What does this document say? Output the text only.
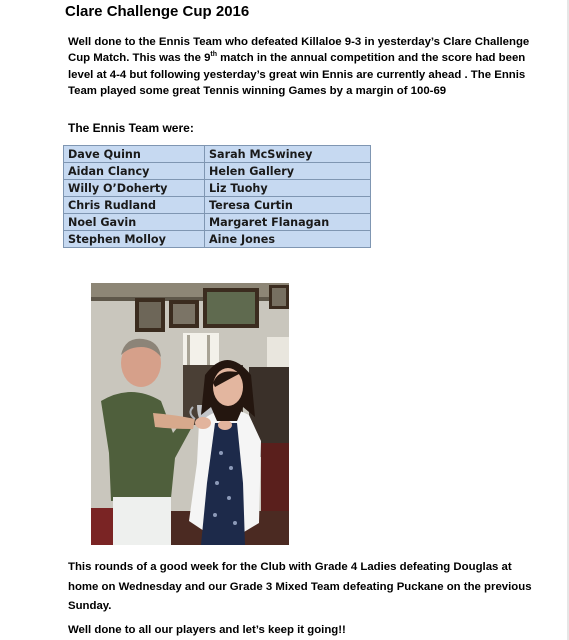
Clare Challenge Cup 2016

Well done to the Ennis Team who defeated Killaloe 9-3 in yesterday’s Clare Challenge Cup Match. This was the 9th match in the annual competition and the score had been level at 4-4 but following yesterday’s great win Ennis are currently ahead . The Ennis Team played some great Tennis winning Games by a margin of 100-69

The Ennis Team were:
Dave Quinn	Sarah McSwiney
Aidan Clancy	Helen Gallery
Willy O’Doherty	Liz Tuohy
Chris Rudland	Teresa Curtin
Noel Gavin	Margaret Flanagan
Stephen Molloy	Aine Jones

This rounds of a good week for the Club with Grade 4 Ladies defeating Douglas at home on Wednesday and our Grade 3 Mixed Team defeating Puckane on the previous Sunday.

Well done to all our players and let’s keep it going!!
